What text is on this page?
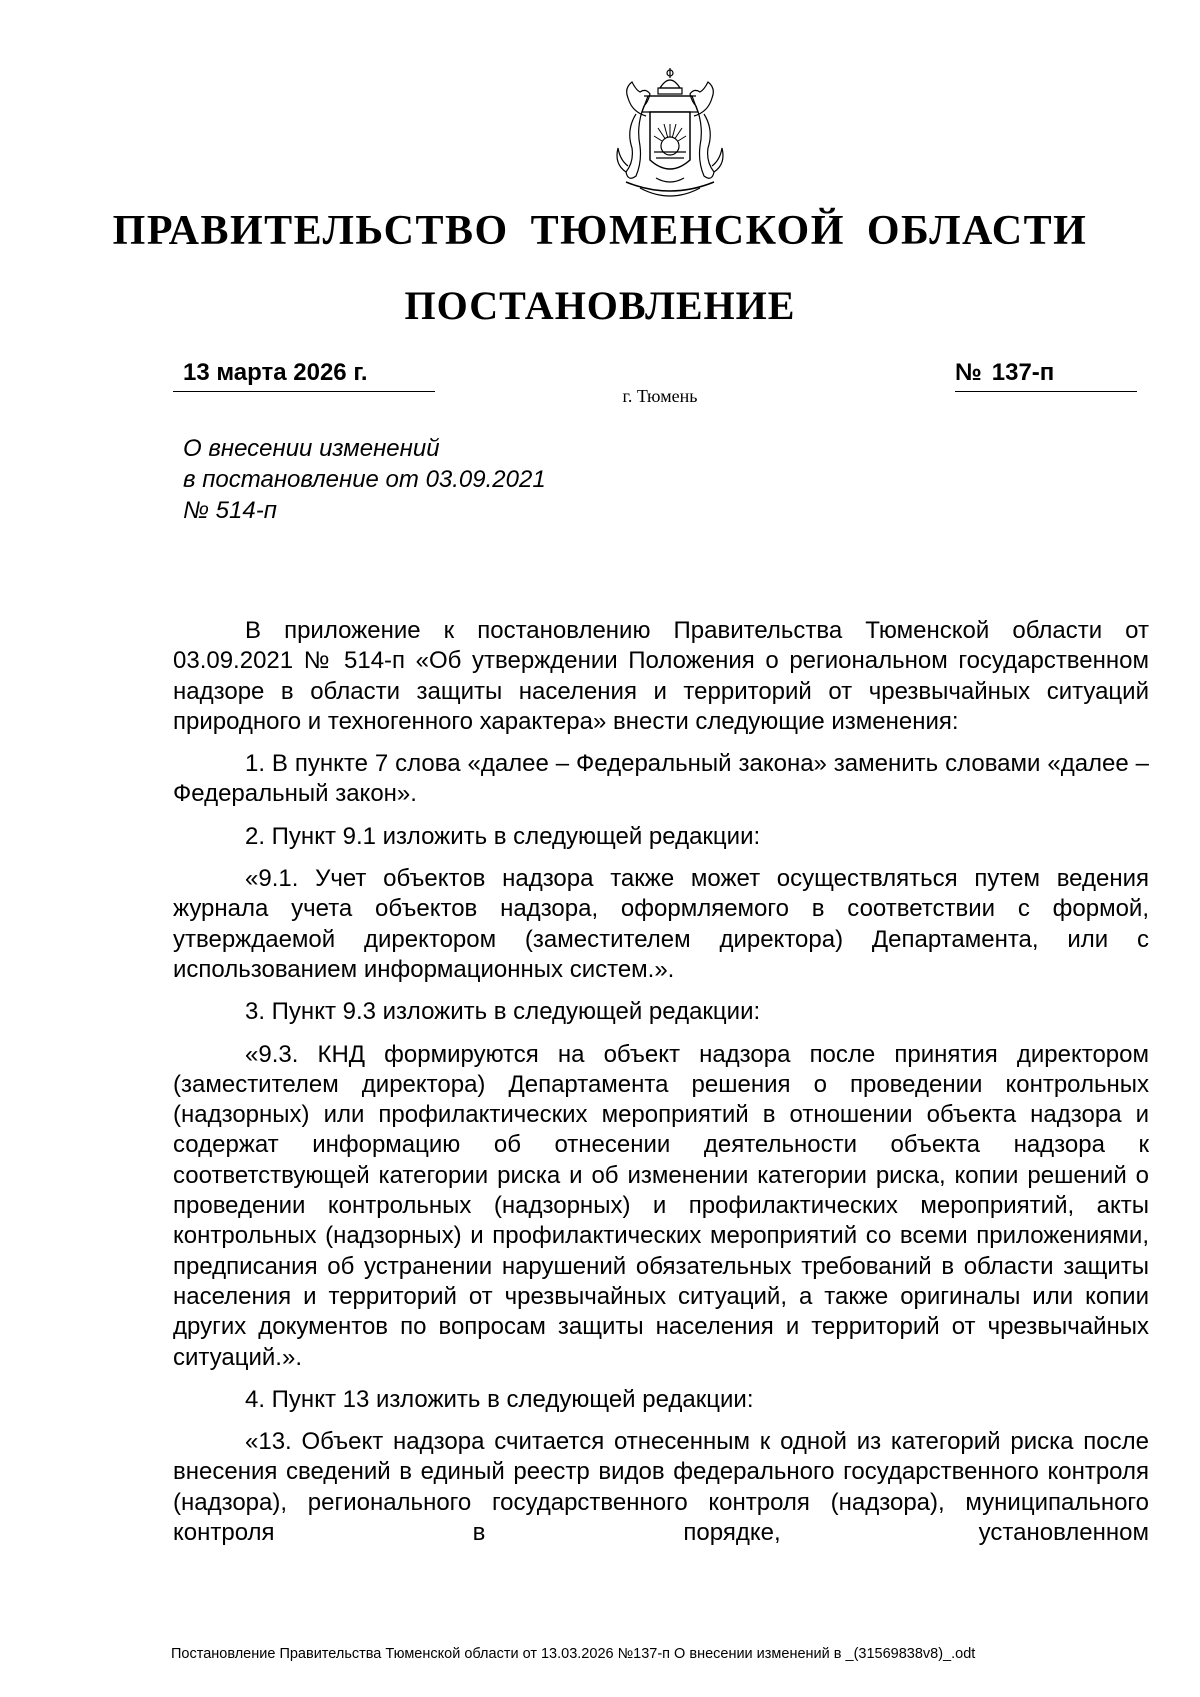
ПРАВИТЕЛЬСТВО ТЮМЕНСКОЙ ОБЛАСТИ
ПОСТАНОВЛЕНИЕ
13 марта 2026 г.	№ 137-п
г. Тюмень
О внесении изменений
в постановление от 03.09.2021
№ 514-п

В приложение к постановлению Правительства Тюменской области от 03.09.2021 № 514-п «Об утверждении Положения о региональном государственном надзоре в области защиты населения и территорий от чрезвычайных ситуаций природного и техногенного характера» внести следующие изменения:

1. В пункте 7 слова «далее – Федеральный закона» заменить словами «далее – Федеральный закон».

2. Пункт 9.1 изложить в следующей редакции:

«9.1. Учет объектов надзора также может осуществляться путем ведения журнала учета объектов надзора, оформляемого в соответствии с формой, утверждаемой директором (заместителем директора) Департамента, или с использованием информационных систем.».

3. Пункт 9.3 изложить в следующей редакции:

«9.3. КНД формируются на объект надзора после принятия директором (заместителем директора) Департамента решения о проведении контрольных (надзорных) или профилактических мероприятий в отношении объекта надзора и содержат информацию об отнесении деятельности объекта надзора к соответствующей категории риска и об изменении категории риска, копии решений о проведении контрольных (надзорных) и профилактических мероприятий, акты контрольных (надзорных) и профилактических мероприятий со всеми приложениями, предписания об устранении нарушений обязательных требований в области защиты населения и территорий от чрезвычайных ситуаций, а также оригиналы или копии других документов по вопросам защиты населения и территорий от чрезвычайных ситуаций.».

4. Пункт 13 изложить в следующей редакции:

«13. Объект надзора считается отнесенным к одной из категорий риска после внесения сведений в единый реестр видов федерального государственного контроля (надзора), регионального государственного контроля (надзора), муниципального контроля в порядке, установленном

Постановление Правительства Тюменской области от 13.03.2026 №137-п О внесении изменений в _(31569838v8)_.odt
